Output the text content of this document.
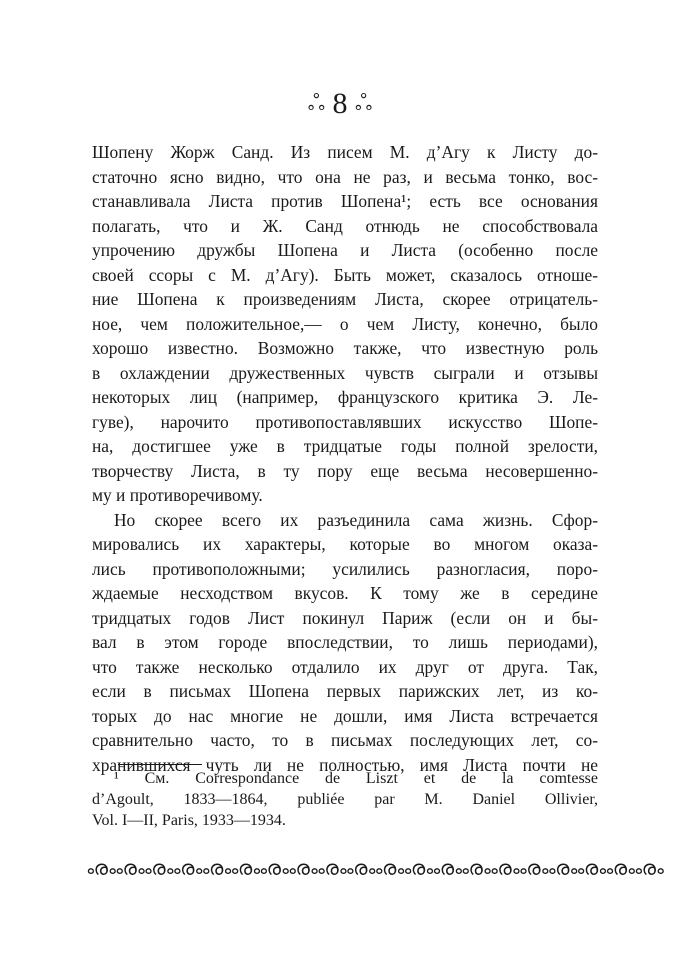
ஃ 8 ஃ
Шопену Жорж Санд. Из писем М. д’Агу к Листу до-
статочно ясно видно, что она не раз, и весьма тонко, вос-
станавливала Листа против Шопена¹; есть все основания
полагать, что и Ж. Санд отнюдь не способствовала
упрочению дружбы Шопена и Листа (особенно после
своей ссоры с М. д’Агу). Быть может, сказалось отноше-
ние Шопена к произведениям Листа, скорее отрицатель-
ное, чем положительное,— о чем Листу, конечно, было
хорошо известно. Возможно также, что известную роль
в охлаждении дружественных чувств сыграли и отзывы
некоторых лиц (например, французского критика Э. Ле-
гуве), нарочито противопоставлявших искусство Шопе-
на, достигшее уже в тридцатые годы полной зрелости,
творчеству Листа, в ту пору еще весьма несовершенно-
му и противоречивому.
Но скорее всего их разъединила сама жизнь. Сфор-
мировались их характеры, которые во многом оказа-
лись противоположными; усилились разногласия, поро-
ждаемые несходством вкусов. К тому же в середине
тридцатых годов Лист покинул Париж (если он и бы-
вал в этом городе впоследствии, то лишь периодами),
что также несколько отдалило их друг от друга. Так,
если в письмах Шопена первых парижских лет, из ко-
торых до нас многие не дошли, имя Листа встречается
сравнительно часто, то в письмах последующих лет, со-
хранившихся чуть ли не полностью, имя Листа почти не
¹ См. Correspondance de Liszt et de la comtesse
d’Agoult, 1833—1864, publiée par M. Daniel Ollivier,
Vol. I—II, Paris, 1933—1934.
ൟൟൟൟൟൟൟൟൟൟൟൟൟൟൟൟൟൟൟൟ
